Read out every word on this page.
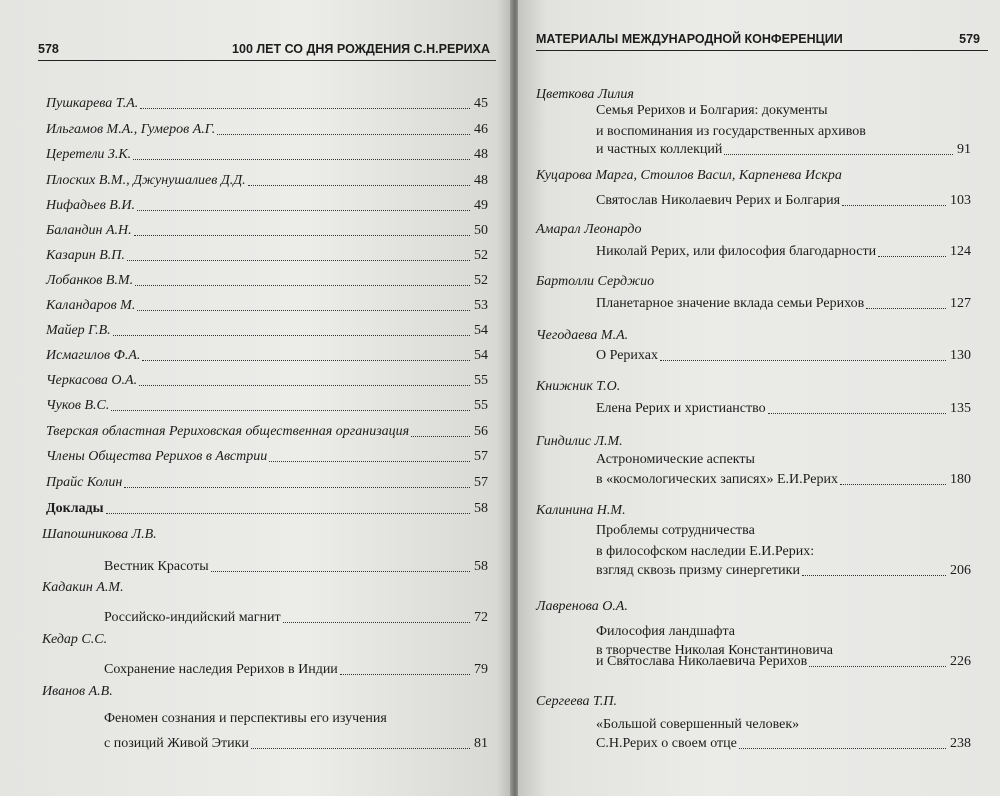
578	100 ЛЕТ СО ДНЯ РОЖДЕНИЯ С.Н.РЕРИХА
Пушкарева Т.А.	45
Ильгамов М.А., Гумеров А.Г.	46
Церетели З.К.	48
Плоских В.М., Джунушалиев Д.Д.	48
Нифадьев В.И.	49
Баландин А.Н.	50
Казарин В.П.	52
Лобанков В.М.	52
Каландаров М.	53
Майер Г.В.	54
Исмагилов Ф.А.	54
Черкасова О.А.	55
Чуков В.С.	55
Тверская областная Рериховская общественная организация	56
Члены Общества Рерихов в Австрии	57
Прайс Колин	57
Доклады	58
Шапошникова Л.В.
Вестник Красоты	58
Кадакин А.М.
Российско-индийский магнит	72
Кедар С.С.
Сохранение наследия Рерихов в Индии	79
Иванов А.В.
Феномен сознания и перспективы его изучения
с позиций Живой Этики	81
МАТЕРИАЛЫ МЕЖДУНАРОДНОЙ КОНФЕРЕНЦИИ	579
Цветкова Лилия
Семья Рерихов и Болгария: документы
и воспоминания из государственных архивов
и частных коллекций	91
Куцарова Марга, Стоилов Васил, Карпенева Искра
Святослав Николаевич Рерих и Болгария	103
Амарал Леонардо
Николай Рерих, или философия благодарности	124
Бартолли Серджио
Планетарное значение вклада семьи Рерихов	127
Чегодаева М.А.
О Рерихах	130
Книжник Т.О.
Елена Рерих и христианство	135
Гиндилис Л.М.
Астрономические аспекты
в «космологических записях» Е.И.Рерих	180
Калинина Н.М.
Проблемы сотрудничества
в философском наследии Е.И.Рерих:
взгляд сквозь призму синергетики	206
Лавренова О.А.
Философия ландшафта
в творчестве Николая Константиновича
и Святослава Николаевича Рерихов	226
Сергеева Т.П.
«Большой совершенный человек»
С.Н.Рерих о своем отце	238
